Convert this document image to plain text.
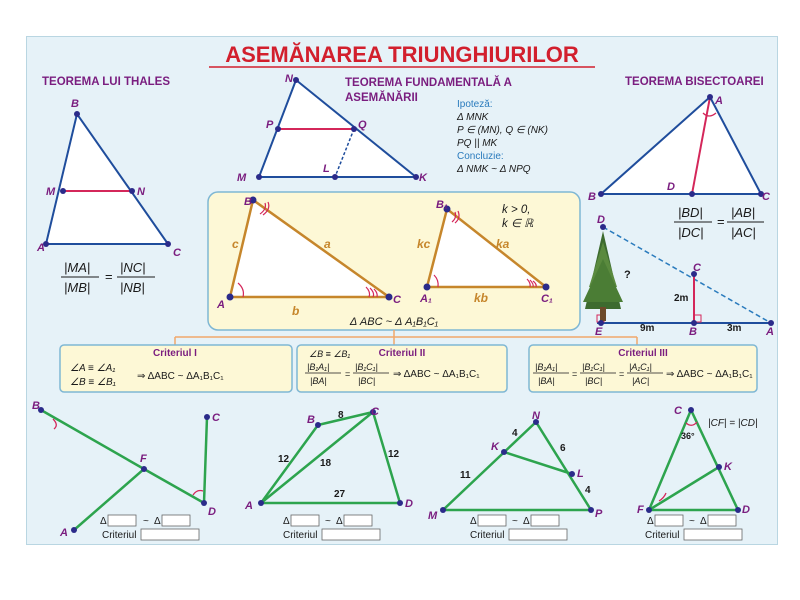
ASEMĂNAREA TRIUNGHIURILOR
TEOREMA LUI THALES
B
M	N
A	C
|MA|
|MB|
=
|NC|
|NB|
TEOREMA FUNDAMENTALĂ A
ASEMĂNĂRII
N
P	Q
L
M	K
Ipoteză:
Δ MNK
P ∈ (MN), Q ∈ (NK)
PQ || MK
Concluzie:
Δ NMK ~ Δ NPQ
TEOREMA BISECTOAREI
A
B
D
C
|BD|
|DC|
=
|AB|
|AC|
D
C
E	B	A
?
2m
9m	3m
B
A	C
c	a
b
B₁
A₁	C₁
kc	ka
kb
k > 0,
k ∈ ℝ
Δ ABC ~ Δ A₁B₁C₁
Criteriul I
∠A ≡ ∠A₁
∠B ≡ ∠B₁
⇒ ΔABC ~ ΔA₁B₁C₁
Criteriul II
∠B ≡ ∠B₁
|B₁A₁|
|BA|
=
|B₁C₁|
|BC|
⇒ ΔABC ~ ΔA₁B₁C₁
Criteriul III
|B₁A₁|
|BA|
=
|B₁C₁|
|BC|
=
|A₁C₁|
|AC|
⇒ ΔABC ~ ΔA₁B₁C₁
B
C
F
A
D
Δ	~ Δ
Criteriul
B
C
A	D
8
12	18
12
27
Δ	~ Δ
Criteriul
N
K
L
M	P
4
6
11
4
Δ	~ Δ
Criteriul
C
K
F	D
36°
|CF| = |CD|
Δ	~ Δ
Criteriul
